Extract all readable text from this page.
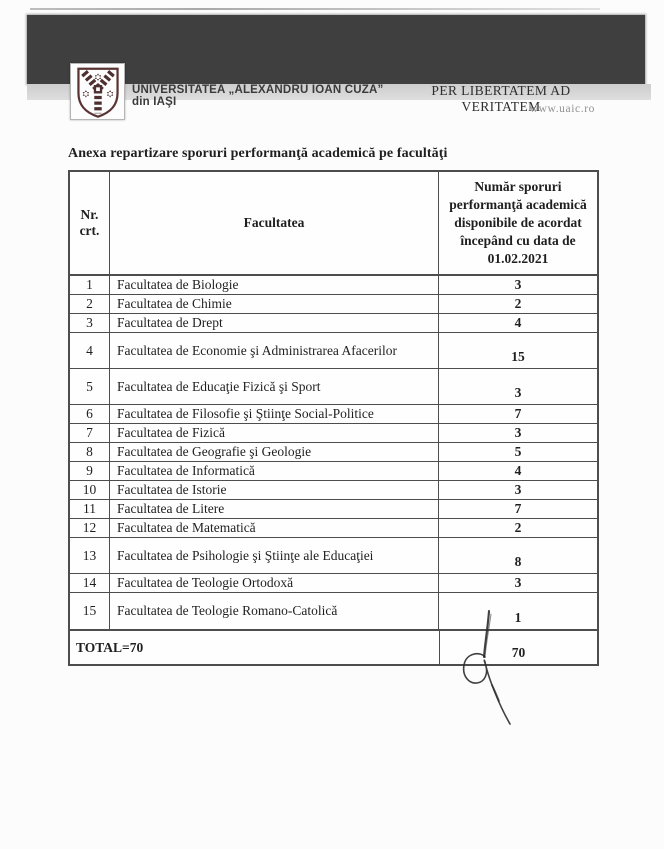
UNIVERSITATEA „ALEXANDRU IOAN CUZA” din IAŞI
PER LIBERTATEM AD VERITATEM
www.uaic.ro
Anexa repartizare sporuri performanţă academică pe facultăţi
Nr. crt.
Facultatea
Număr sporuri performanţă academică disponibile de acordat începând cu data de 01.02.2021
1	Facultatea de Biologie	3
2	Facultatea de Chimie	2
3	Facultatea de Drept	4
4	Facultatea de Economie şi Administrarea Afacerilor	15
5	Facultatea de Educaţie Fizică şi Sport	3
6	Facultatea de Filosofie şi Ştiinţe Social-Politice	7
7	Facultatea de Fizică	3
8	Facultatea de Geografie şi Geologie	5
9	Facultatea de Informatică	4
10	Facultatea de Istorie	3
11	Facultatea de Litere	7
12	Facultatea de Matematică	2
13	Facultatea de Psihologie şi Ştiinţe ale Educaţiei	8
14	Facultatea de Teologie Ortodoxă	3
15	Facultatea de Teologie Romano-Catolică	1
TOTAL=70	70
